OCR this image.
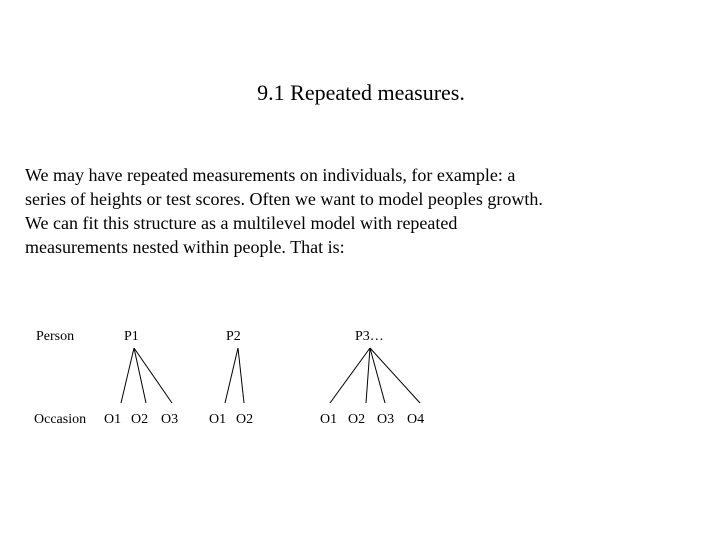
9.1 Repeated measures.

We may have repeated measurements on individuals, for example: a
series of heights or test scores. Often we want to model peoples growth.
We can fit this structure as a multilevel model with repeated
measurements nested within people. That is:

Person
Occasion
P1
O1 O2 O3
P2
O1 O2
P3…
O1 O2 O3 O4
